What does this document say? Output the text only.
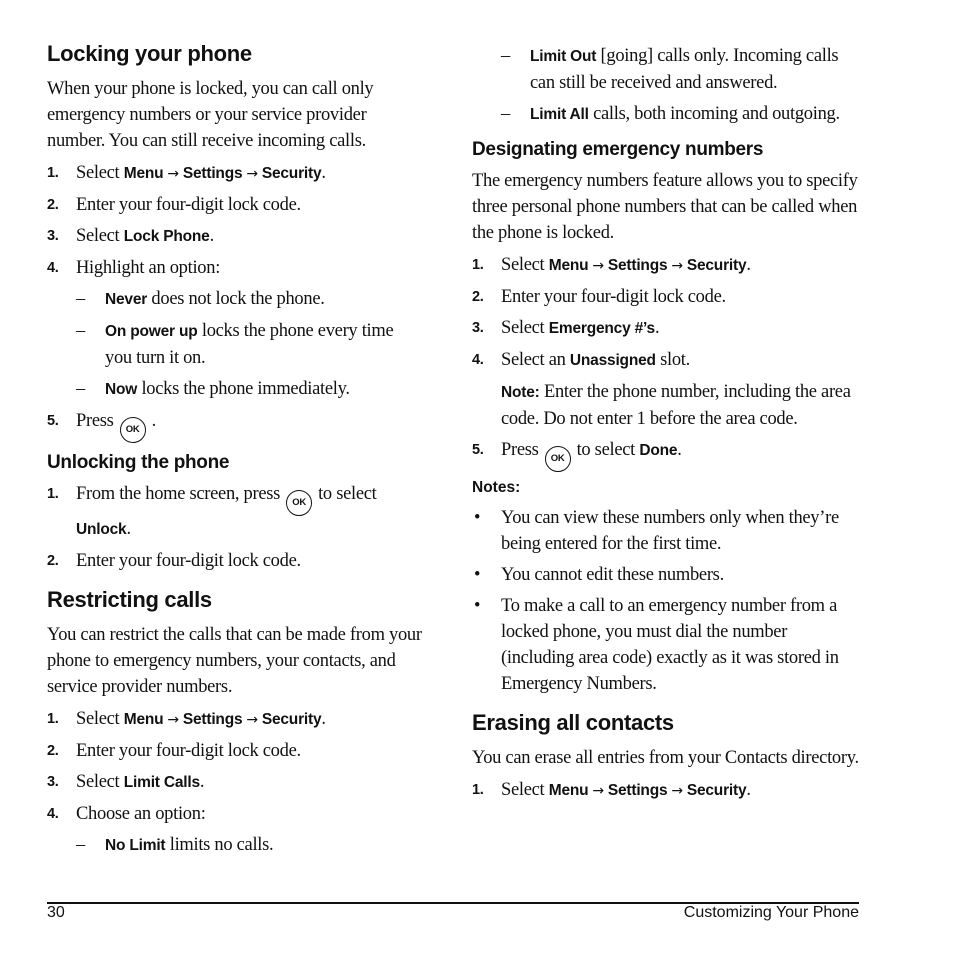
Locking your phone
When your phone is locked, you can call only emergency numbers or your service provider number. You can still receive incoming calls.
1. Select Menu → Settings → Security.
2. Enter your four-digit lock code.
3. Select Lock Phone.
4. Highlight an option:
– Never does not lock the phone.
– On power up locks the phone every time you turn it on.
– Now locks the phone immediately.
5. Press OK .
Unlocking the phone
1. From the home screen, press OK to select Unlock.
2. Enter your four-digit lock code.
Restricting calls
You can restrict the calls that can be made from your phone to emergency numbers, your contacts, and service provider numbers.
1. Select Menu → Settings → Security.
2. Enter your four-digit lock code.
3. Select Limit Calls.
4. Choose an option:
– No Limit limits no calls.
– Limit Out [going] calls only. Incoming calls can still be received and answered.
– Limit All calls, both incoming and outgoing.
Designating emergency numbers
The emergency numbers feature allows you to specify three personal phone numbers that can be called when the phone is locked.
1. Select Menu → Settings → Security.
2. Enter your four-digit lock code.
3. Select Emergency #’s.
4. Select an Unassigned slot.
Note: Enter the phone number, including the area code. Do not enter 1 before the area code.
5. Press OK to select Done.
Notes:
• You can view these numbers only when they’re being entered for the first time.
• You cannot edit these numbers.
• To make a call to an emergency number from a locked phone, you must dial the number (including area code) exactly as it was stored in Emergency Numbers.
Erasing all contacts
You can erase all entries from your Contacts directory.
1. Select Menu → Settings → Security.
30	Customizing Your Phone
